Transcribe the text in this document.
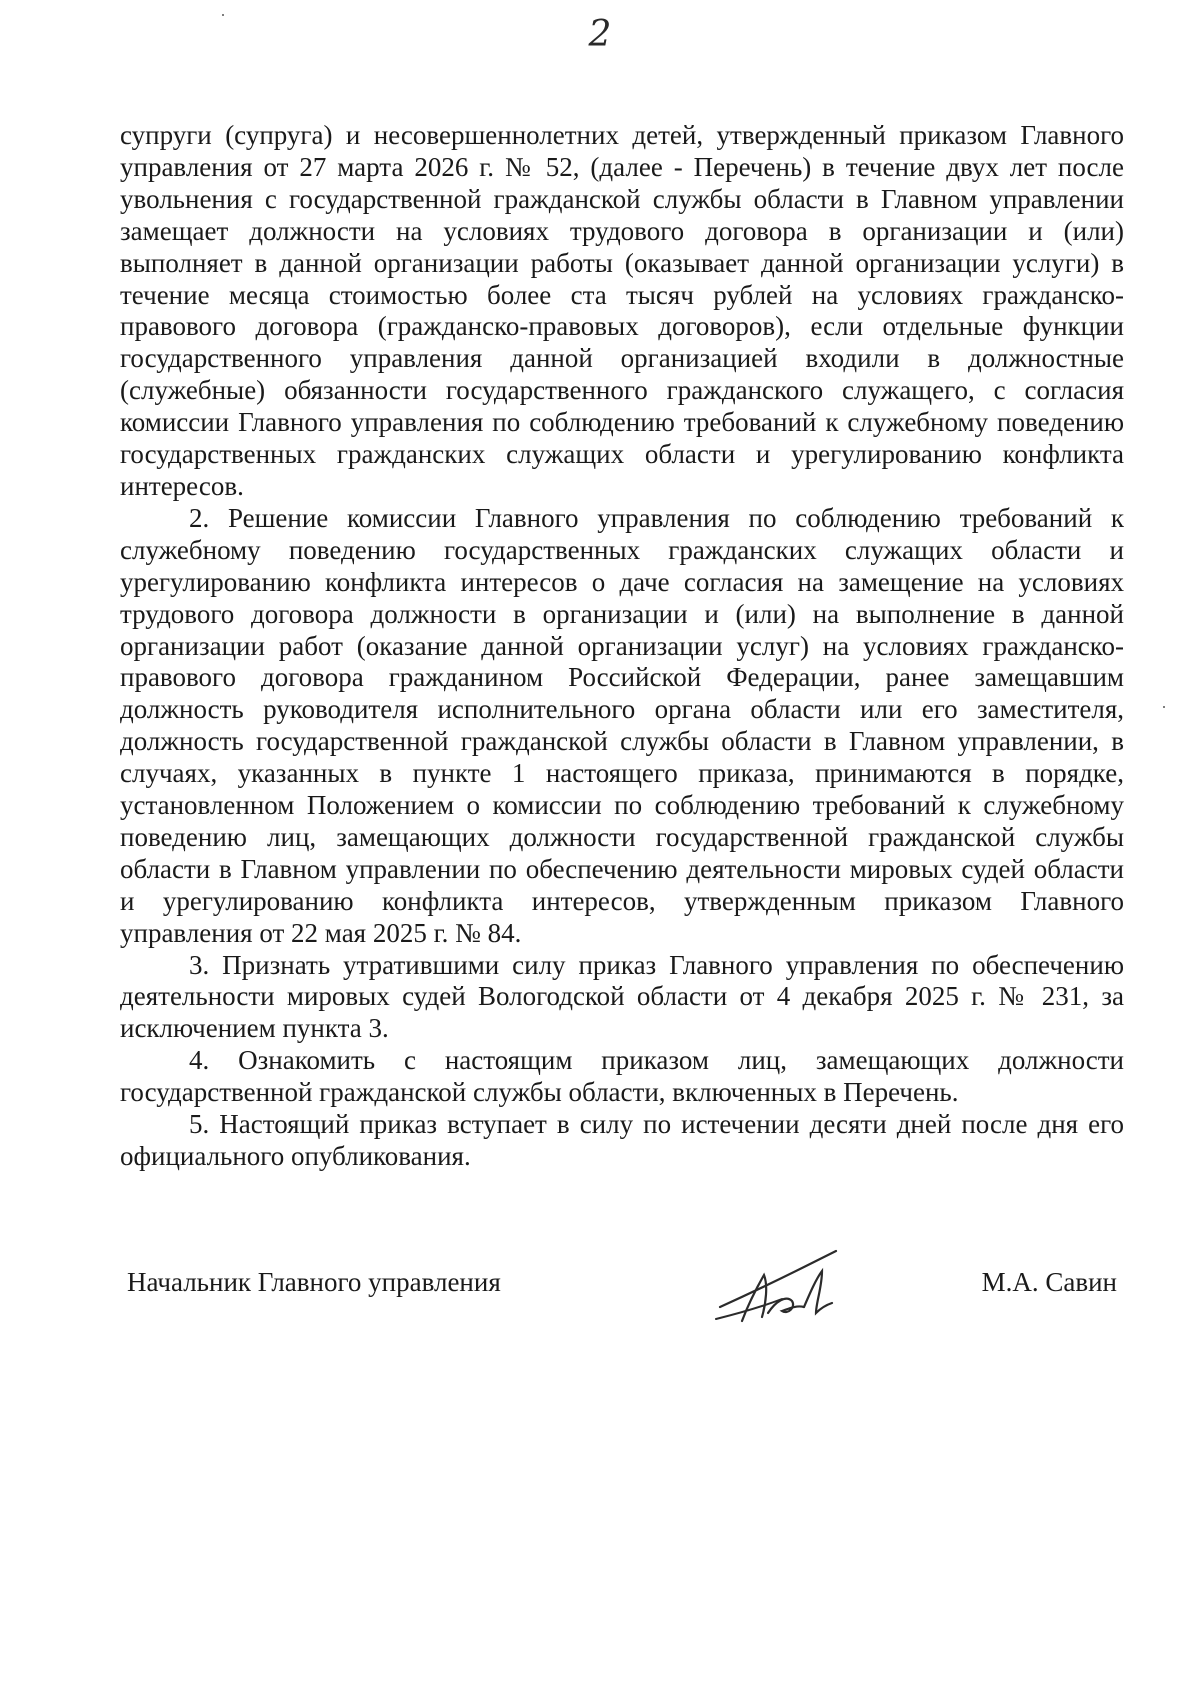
2

супруги (супруга) и несовершеннолетних детей, утвержденный приказом Главного управления от 27 марта 2026 г. № 52, (далее - Перечень) в течение двух лет после увольнения с государственной гражданской службы области в Главном управлении замещает должности на условиях трудового договора в организации и (или) выполняет в данной организации работы (оказывает данной организации услуги) в течение месяца стоимостью более ста тысяч рублей на условиях гражданско-правового договора (гражданско-правовых договоров), если отдельные функции государственного управления данной организацией входили в должностные (служебные) обязанности государственного гражданского служащего, с согласия комиссии Главного управления по соблюдению требований к служебному поведению государственных гражданских служащих области и урегулированию конфликта интересов.

2. Решение комиссии Главного управления по соблюдению требований к служебному поведению государственных гражданских служащих области и урегулированию конфликта интересов о даче согласия на замещение на условиях трудового договора должности в организации и (или) на выполнение в данной организации работ (оказание данной организации услуг) на условиях гражданско-правового договора гражданином Российской Федерации, ранее замещавшим должность руководителя исполнительного органа области или его заместителя, должность государственной гражданской службы области в Главном управлении, в случаях, указанных в пункте 1 настоящего приказа, принимаются в порядке, установленном Положением о комиссии по соблюдению требований к служебному поведению лиц, замещающих должности государственной гражданской службы области в Главном управлении по обеспечению деятельности мировых судей области и урегулированию конфликта интересов, утвержденным приказом Главного управления от 22 мая 2025 г. № 84.

3. Признать утратившими силу приказ Главного управления по обеспечению деятельности мировых судей Вологодской области от 4 декабря 2025 г. № 231, за исключением пункта 3.

4. Ознакомить с настоящим приказом лиц, замещающих должности государственной гражданской службы области, включенных в Перечень.

5. Настоящий приказ вступает в силу по истечении десяти дней после дня его официального опубликования.

Начальник Главного управления	М.А. Савин
